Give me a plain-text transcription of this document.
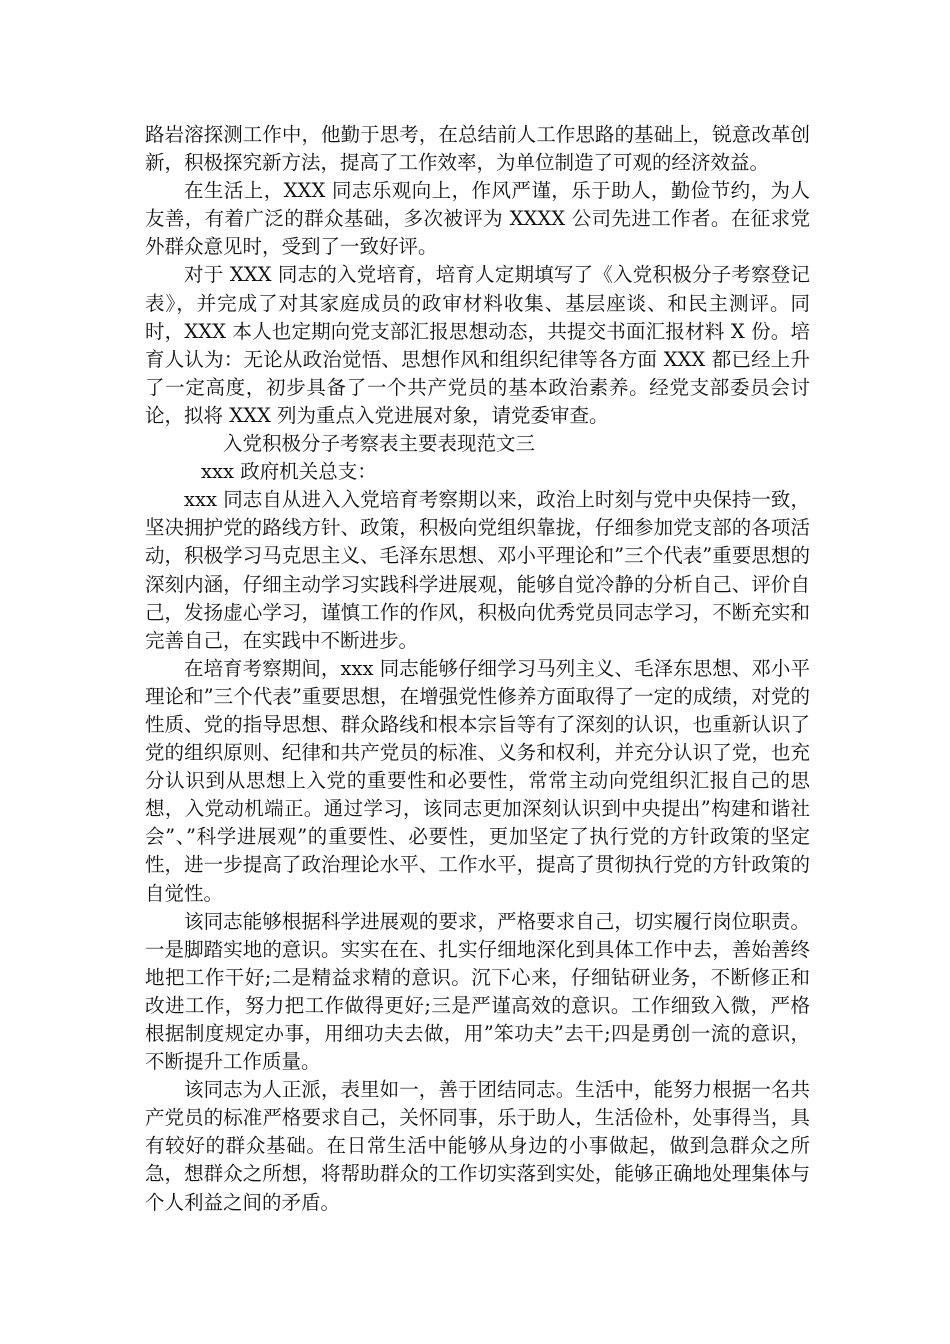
路岩溶探测工作中，他勤于思考，在总结前人工作思路的基础上，锐意改革创新，积极探究新方法，提高了工作效率，为单位制造了可观的经济效益。

在生活上，XXX 同志乐观向上，作风严谨，乐于助人，勤俭节约，为人友善，有着广泛的群众基础，多次被评为 XXXX 公司先进工作者。在征求党外群众意见时，受到了一致好评。

对于 XXX 同志的入党培育，培育人定期填写了《入党积极分子考察登记表》，并完成了对其家庭成员的政审材料收集、基层座谈、和民主测评。同时，XXX 本人也定期向党支部汇报思想动态，共提交书面汇报材料 X 份。培育人认为：无论从政治觉悟、思想作风和组织纪律等各方面 XXX 都已经上升了一定高度，初步具备了一个共产党员的基本政治素养。经党支部委员会讨论，拟将 XXX 列为重点入党进展对象，请党委审查。

入党积极分子考察表主要表现范文三

xxx 政府机关总支：

xxx 同志自从进入入党培育考察期以来，政治上时刻与党中央保持一致，坚决拥护党的路线方针、政策，积极向党组织靠拢，仔细参加党支部的各项活动，积极学习马克思主义、毛泽东思想、邓小平理论和”三个代表”重要思想的深刻内涵，仔细主动学习实践科学进展观，能够自觉冷静的分析自己、评价自己，发扬虚心学习，谨慎工作的作风，积极向优秀党员同志学习，不断充实和完善自己，在实践中不断进步。

在培育考察期间，xxx 同志能够仔细学习马列主义、毛泽东思想、邓小平理论和”三个代表”重要思想，在增强党性修养方面取得了一定的成绩，对党的性质、党的指导思想、群众路线和根本宗旨等有了深刻的认识，也重新认识了党的组织原则、纪律和共产党员的标准、义务和权利，并充分认识了党，也充分认识到从思想上入党的重要性和必要性，常常主动向党组织汇报自己的思想，入党动机端正。通过学习，该同志更加深刻认识到中央提出”构建和谐社会”、”科学进展观”的重要性、必要性，更加坚定了执行党的方针政策的坚定性，进一步提高了政治理论水平、工作水平，提高了贯彻执行党的方针政策的自觉性。

该同志能够根据科学进展观的要求，严格要求自己，切实履行岗位职责。一是脚踏实地的意识。实实在在、扎实仔细地深化到具体工作中去，善始善终地把工作干好;二是精益求精的意识。沉下心来，仔细钻研业务，不断修正和改进工作，努力把工作做得更好;三是严谨高效的意识。工作细致入微，严格根据制度规定办事，用细功夫去做，用”笨功夫”去干;四是勇创一流的意识，不断提升工作质量。

该同志为人正派，表里如一，善于团结同志。生活中，能努力根据一名共产党员的标准严格要求自己，关怀同事，乐于助人，生活俭朴，处事得当，具有较好的群众基础。在日常生活中能够从身边的小事做起，做到急群众之所急，想群众之所想，将帮助群众的工作切实落到实处，能够正确地处理集体与个人利益之间的矛盾。
